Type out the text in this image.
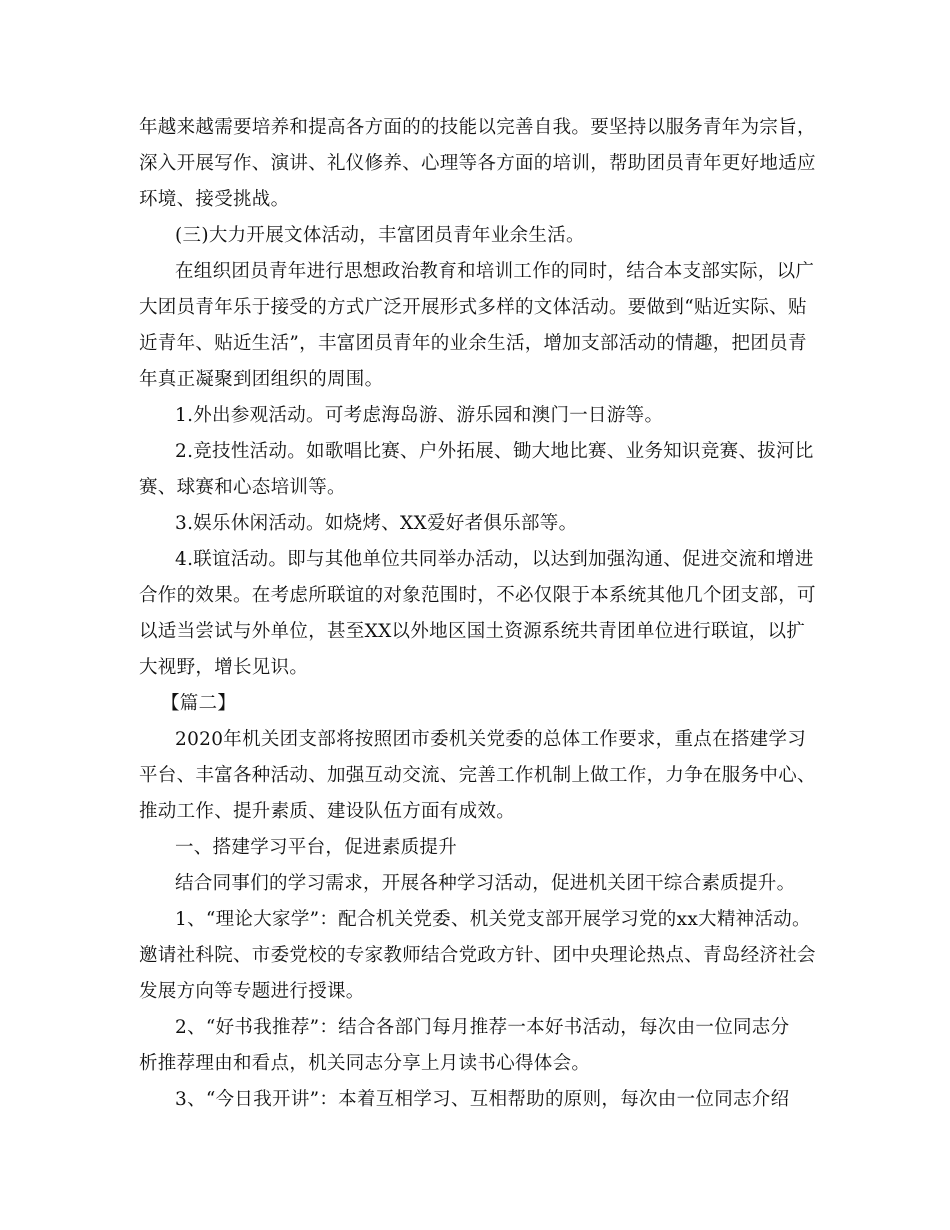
年越来越需要培养和提高各方面的的技能以完善自我。要坚持以服务青年为宗旨，
深入开展写作、演讲、礼仪修养、心理等各方面的培训，帮助团员青年更好地适应
环境、接受挑战。
(三)大力开展文体活动，丰富团员青年业余生活。
在组织团员青年进行思想政治教育和培训工作的同时，结合本支部实际，以广
大团员青年乐于接受的方式广泛开展形式多样的文体活动。要做到“贴近实际、贴
近青年、贴近生活”，丰富团员青年的业余生活，增加支部活动的情趣，把团员青
年真正凝聚到团组织的周围。
1.外出参观活动。可考虑海岛游、游乐园和澳门一日游等。
2.竞技性活动。如歌唱比赛、户外拓展、锄大地比赛、业务知识竞赛、拔河比
赛、球赛和心态培训等。
3.娱乐休闲活动。如烧烤、XX爱好者俱乐部等。
4.联谊活动。即与其他单位共同举办活动，以达到加强沟通、促进交流和增进
合作的效果。在考虑所联谊的对象范围时，不必仅限于本系统其他几个团支部，可
以适当尝试与外单位，甚至XX以外地区国土资源系统共青团单位进行联谊，以扩
大视野，增长见识。
【篇二】
2020年机关团支部将按照团市委机关党委的总体工作要求，重点在搭建学习
平台、丰富各种活动、加强互动交流、完善工作机制上做工作，力争在服务中心、
推动工作、提升素质、建设队伍方面有成效。
一、搭建学习平台，促进素质提升
结合同事们的学习需求，开展各种学习活动，促进机关团干综合素质提升。
1、“理论大家学”：配合机关党委、机关党支部开展学习党的xx大精神活动。
邀请社科院、市委党校的专家教师结合党政方针、团中央理论热点、青岛经济社会
发展方向等专题进行授课。
2、“好书我推荐”：结合各部门每月推荐一本好书活动，每次由一位同志分
析推荐理由和看点，机关同志分享上月读书心得体会。
3、“今日我开讲”：本着互相学习、互相帮助的原则，每次由一位同志介绍
